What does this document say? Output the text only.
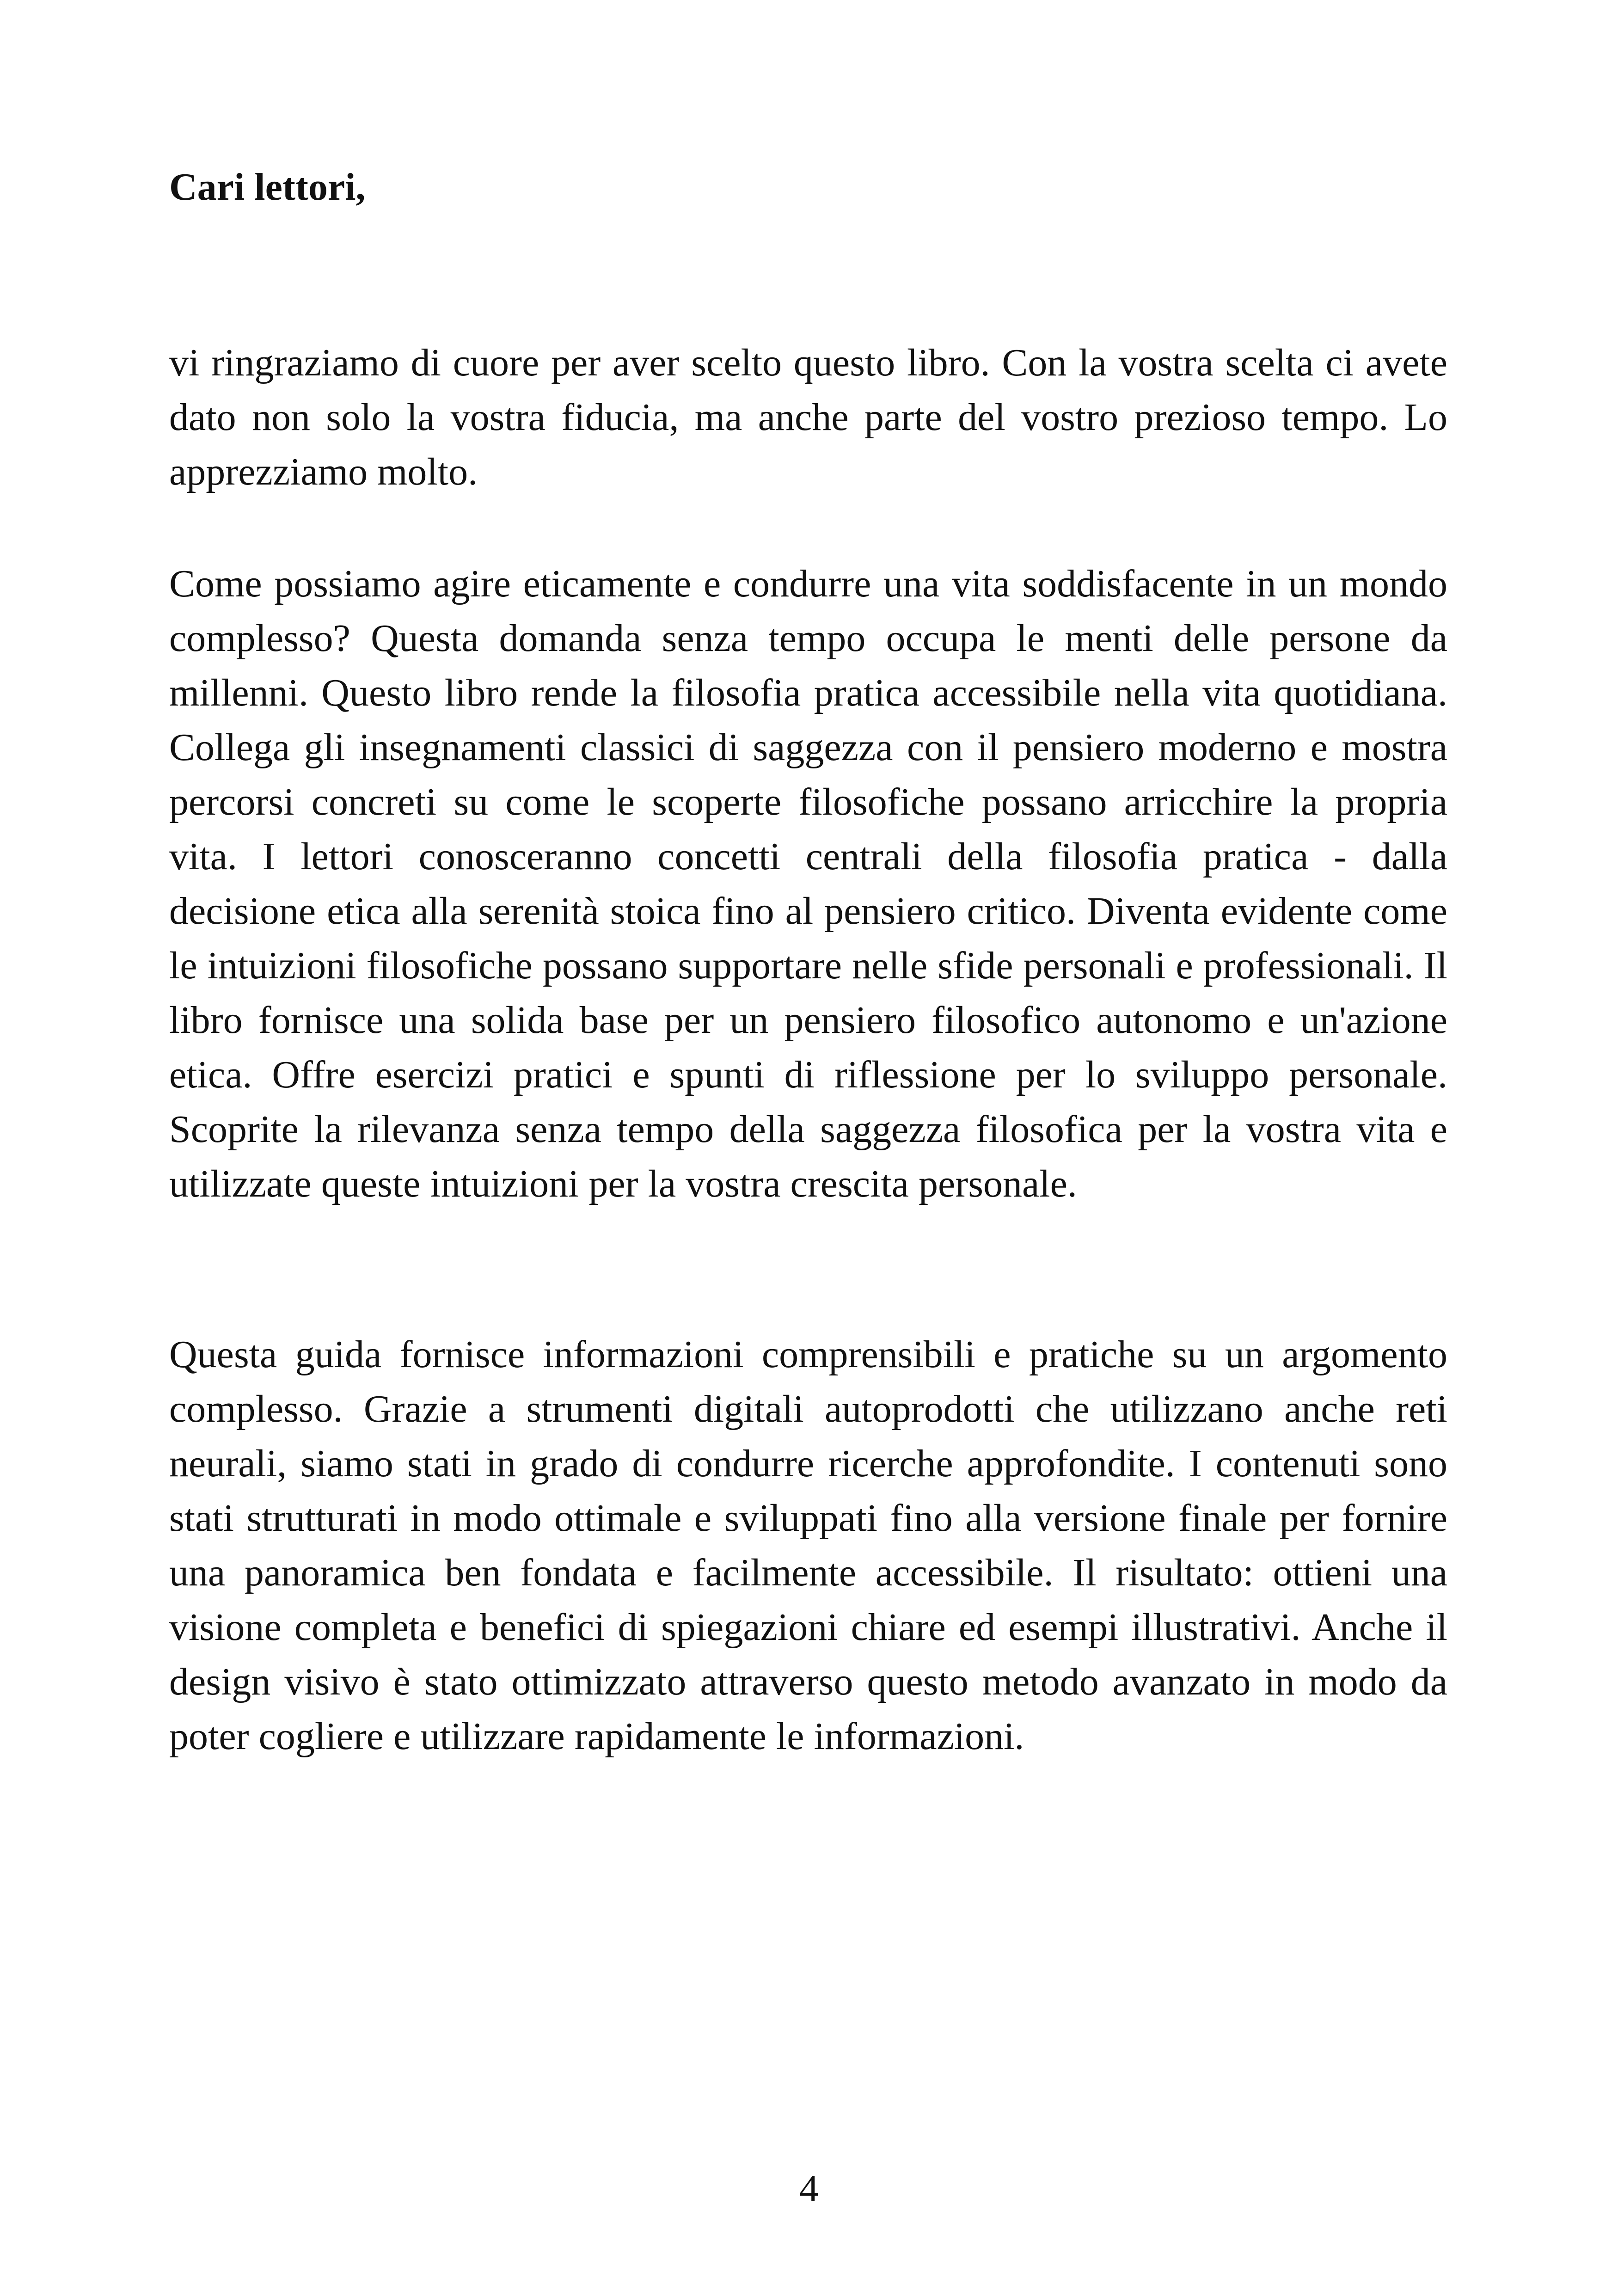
Cari lettori,

vi ringraziamo di cuore per aver scelto questo libro. Con la vostra scelta ci avete dato non solo la vostra fiducia, ma anche parte del vostro prezioso tempo. Lo apprezziamo molto.

Come possiamo agire eticamente e condurre una vita soddisfacente in un mondo complesso? Questa domanda senza tempo occupa le menti delle persone da millenni. Questo libro rende la filosofia pratica accessibile nella vita quotidiana. Collega gli insegnamenti classici di saggezza con il pensiero moderno e mostra percorsi concreti su come le scoperte filosofiche possano arricchire la propria vita. I lettori conosceranno concetti centrali della filosofia pratica - dalla decisione etica alla serenità stoica fino al pensiero critico. Diventa evidente come le intuizioni filosofiche possano supportare nelle sfide personali e professionali. Il libro fornisce una solida base per un pensiero filosofico autonomo e un'azione etica. Offre esercizi pratici e spunti di riflessione per lo sviluppo personale. Scoprite la rilevanza senza tempo della saggezza filosofica per la vostra vita e utilizzate queste intuizioni per la vostra crescita personale.

Questa guida fornisce informazioni comprensibili e pratiche su un argomento complesso. Grazie a strumenti digitali autoprodotti che utilizzano anche reti neurali, siamo stati in grado di condurre ricerche approfondite. I contenuti sono stati strutturati in modo ottimale e sviluppati fino alla versione finale per fornire una panoramica ben fondata e facilmente accessibile. Il risultato: ottieni una visione completa e benefici di spiegazioni chiare ed esempi illustrativi. Anche il design visivo è stato ottimizzato attraverso questo metodo avanzato in modo da poter cogliere e utilizzare rapidamente le informazioni.

4
